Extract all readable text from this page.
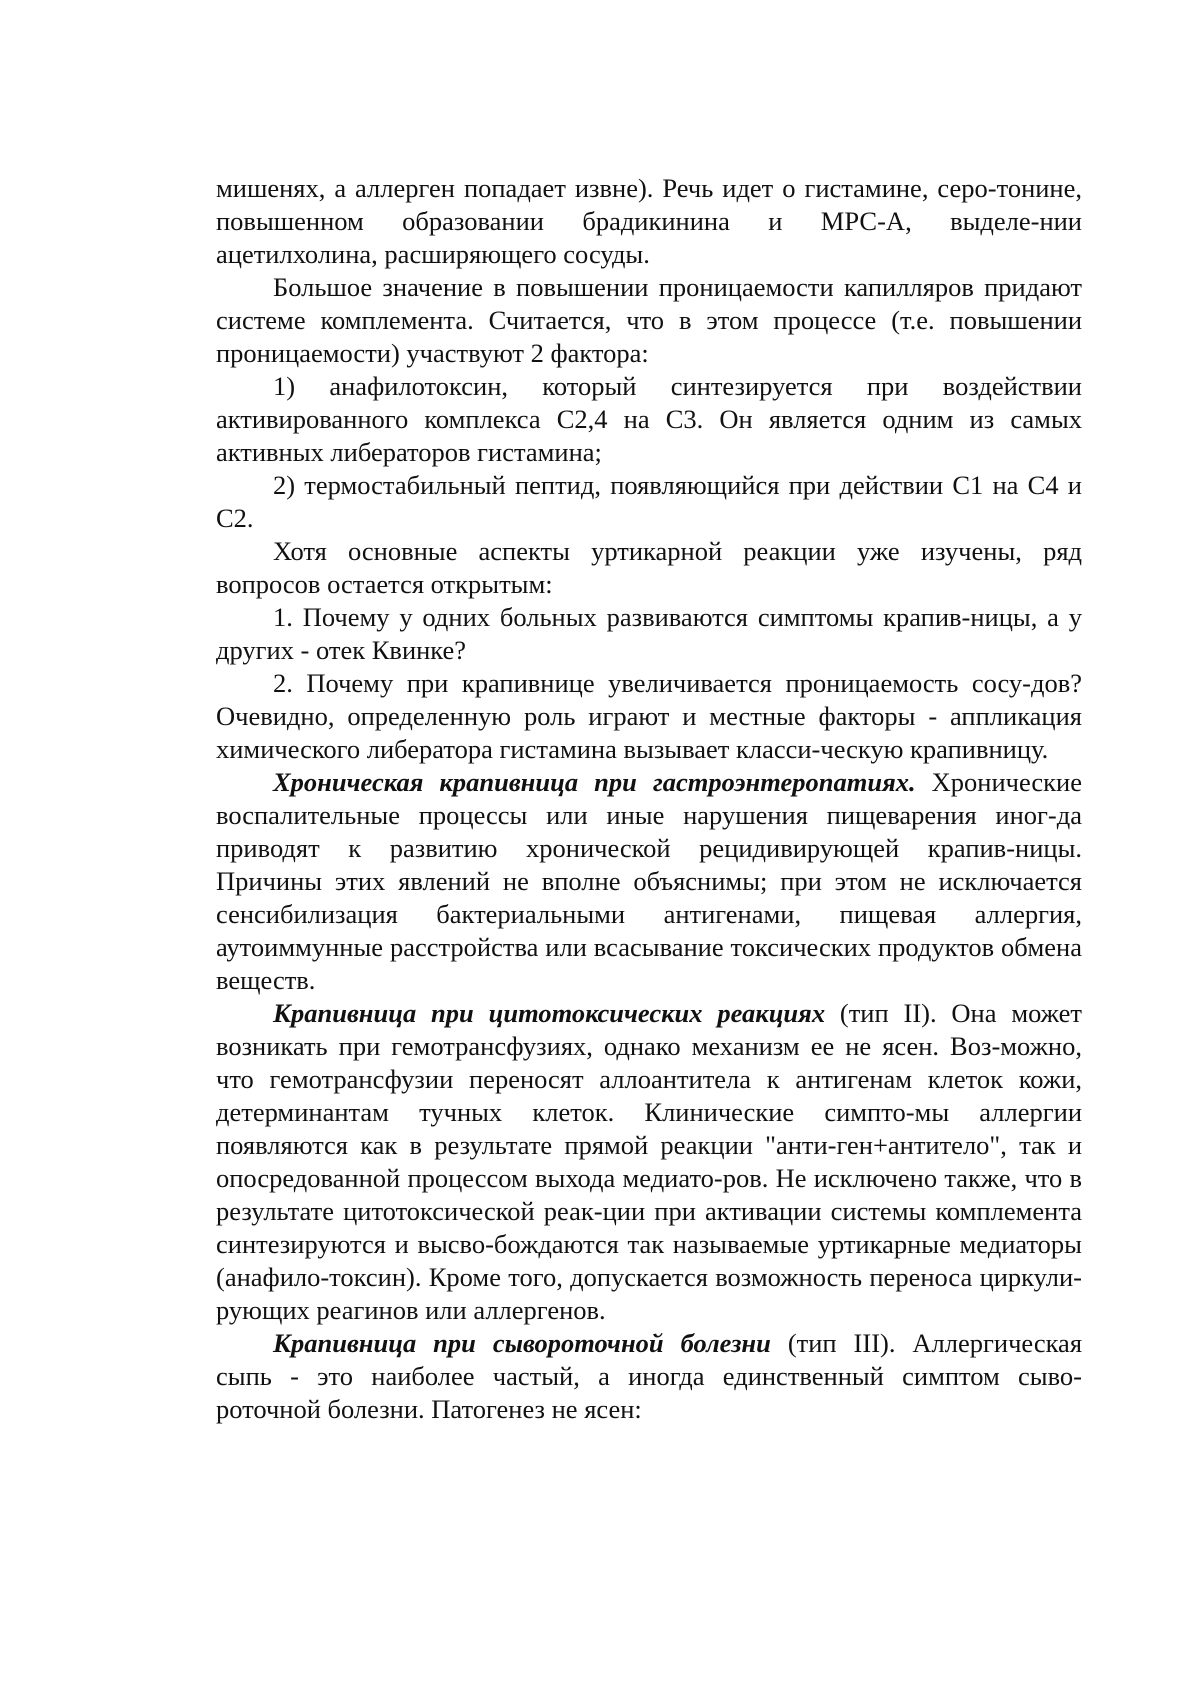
мишенях, а аллерген попадает извне). Речь идет о гистамине, серо-тонине, повышенном образовании брадикинина и МРС-А, выделе-нии ацетилхолина, расширяющего сосуды.

Большое значение в повышении проницаемости капилляров придают системе комплемента. Считается, что в этом процессе (т.е. повышении проницаемости) участвуют 2 фактора:

1) анафилотоксин, который синтезируется при воздействии активированного комплекса С2,4 на С3. Он является одним из самых активных либераторов гистамина;

2) термостабильный пептид, появляющийся при действии С1 на С4 и С2.

Хотя основные аспекты уртикарной реакции уже изучены, ряд вопросов остается открытым:

1. Почему у одних больных развиваются симптомы крапив-ницы, а у других - отек Квинке?

2. Почему при крапивнице увеличивается проницаемость сосу-дов? Очевидно, определенную роль играют и местные факторы - аппликация химического либератора гистамина вызывает класси-ческую крапивницу.

Хроническая крапивница при гастроэнтеропатиях. Хронические воспалительные процессы или иные нарушения пищеварения иног-да приводят к развитию хронической рецидивирующей крапив-ницы. Причины этих явлений не вполне объяснимы; при этом не исключается сенсибилизация бактериальными антигенами, пищевая аллергия, аутоиммунные расстройства или всасывание токсических продуктов обмена веществ.

Крапивница при цитотоксических реакциях (тип II). Она может возникать при гемотрансфузиях, однако механизм ее не ясен. Воз-можно, что гемотрансфузии переносят аллоантитела к антигенам клеток кожи, детерминантам тучных клеток. Клинические симпто-мы аллергии появляются как в результате прямой реакции "анти-ген+антитело", так и опосредованной процессом выхода медиато-ров. Не исключено также, что в результате цитотоксической реак-ции при активации системы комплемента синтезируются и высво-бождаются так называемые уртикарные медиаторы (анафило-токсин). Кроме того, допускается возможность переноса циркули-рующих реагинов или аллергенов.

Крапивница при сывороточной болезни (тип III). Аллергическая сыпь - это наиболее частый, а иногда единственный симптом сыво-роточной болезни. Патогенез не ясен:
